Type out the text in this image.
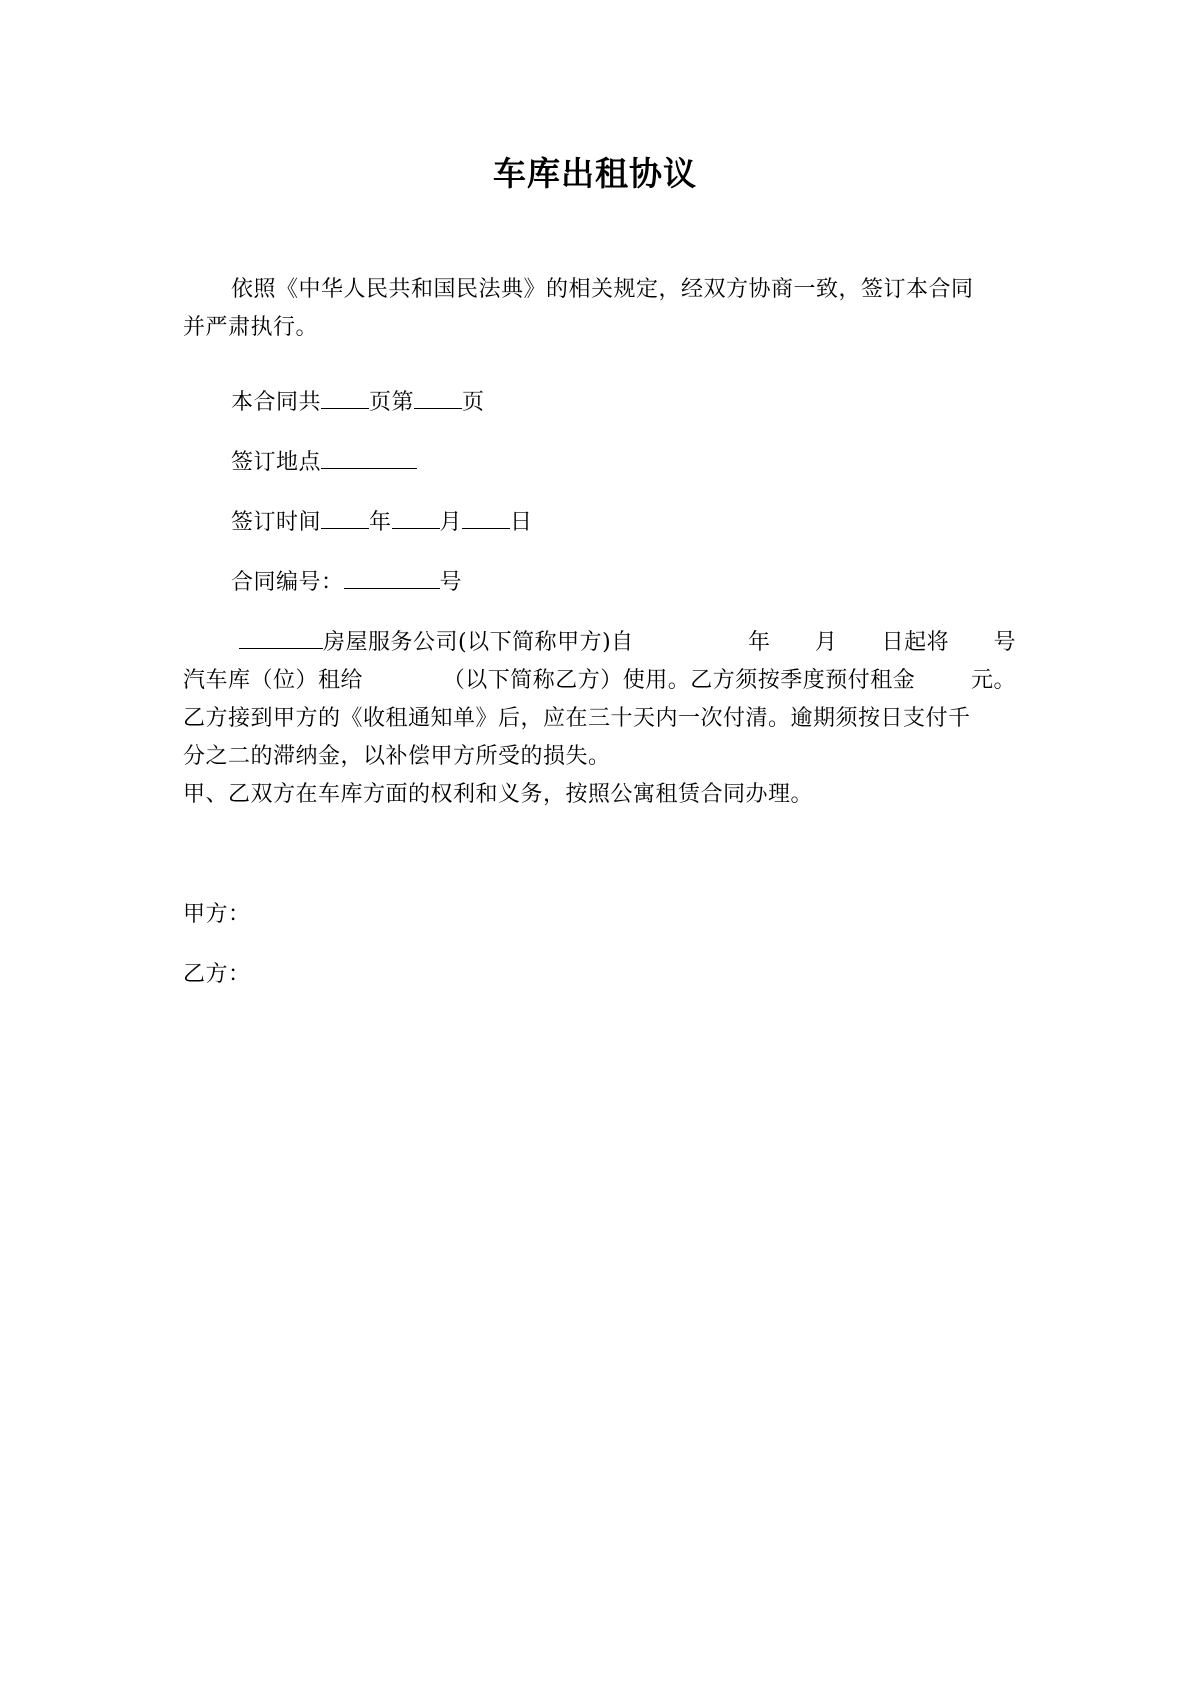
车库出租协议

依照《中华人民共和国民法典》的相关规定，经双方协商一致，签订本合同
并严肃执行。

本合同共 页第 页

签订地点

签订时间 年 月 日

合同编号：	号

房屋服务公司(以下简称甲方)自	年 月 日起将 号
汽车库（位）租给	（以下简称乙方）使用。乙方须按季度预付租金	元。
乙方接到甲方的《收租通知单》后，应在三十天内一次付清。逾期须按日支付千
分之二的滞纳金，以补偿甲方所受的损失。

甲、乙双方在车库方面的权利和义务，按照公寓租赁合同办理。

甲方：

乙方：
